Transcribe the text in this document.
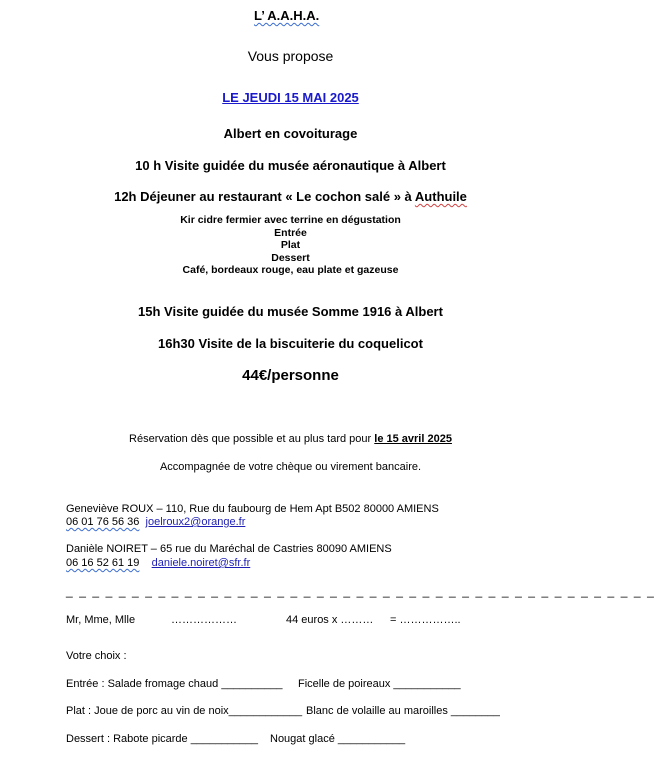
L’ A.A.H.A.
Vous propose
LE JEUDI 15 MAI 2025
Albert en covoiturage
10 h Visite guidée du musée aéronautique à Albert
12h Déjeuner au restaurant « Le cochon salé » à Authuile
Kir cidre fermier avec terrine en dégustation
Entrée
Plat
Dessert
Café, bordeaux rouge, eau plate et gazeuse
15h Visite guidée du musée Somme 1916 à Albert
16h30 Visite de la biscuiterie du coquelicot
44€/personne
Réservation dès que possible et au plus tard pour le 15 avril 2025
Accompagnée de votre chèque ou virement bancaire.
Geneviève ROUX – 110, Rue du faubourg de Hem Apt B502 80000 AMIENS
06 01 76 56 36 joelroux2@orange.fr
Danièle NOIRET – 65 rue du Maréchal de Castries 80090 AMIENS
06 16 52 61 19 daniele.noiret@sfr.fr
_ _ _ _ _ _ _ _ _ _ _ _ _ _ _ _ _ _ _ _ _ _ _ _ _ _ _ _ _ _ _ _ _ _ _ _ _ _ _ _ _ _ _ _ _
Mr, Mme, Mlle	………………	44 euros x ……… = ……………..
Votre choix :
Entrée : Salade fromage chaud __________ Ficelle de poireaux ___________
Plat : Joue de porc au vin de noix____________ Blanc de volaille au maroilles ________
Dessert : Rabote picarde ___________ Nougat glacé ___________
